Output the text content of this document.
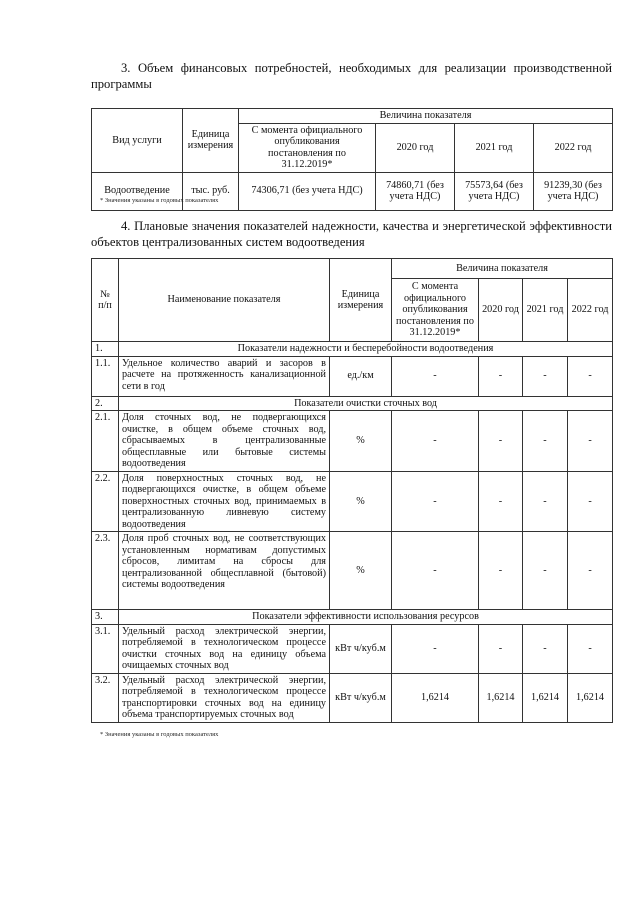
3. Объем финансовых потребностей, необходимых для реализации производственной программы
Вид услуги	Единица измерения	Величина показателя			
		С момента официального опубликования постановления по 31.12.2019*	2020 год	2021 год	2022 год
Водоотведение	тыс. руб.	74306,71 (без учета НДС)	74860,71 (без учета НДС)	75573,64 (без учета НДС)	91239,30 (без учета НДС)
* Значения указаны в годовых показателях
4. Плановые значения показателей надежности, качества и энергетической эффективности объектов централизованных систем водоотведения
№ п/п	Наименование показателя	Единица измерения	Величина показателя			
			С момента официального опубликования постановления по 31.12.2019*	2020 год	2021 год	2022 год
1.	Показатели надежности и бесперебойности водоотведения					
1.1.	Удельное количество аварий и засоров в расчете на протяженность канализационной сети в год	ед./км	-	-	-	-
2.	Показатели очистки сточных вод					
2.1.	Доля сточных вод, не подвергающихся очистке, в общем объеме сточных вод, сбрасываемых в централизованные общесплавные или бытовые системы водоотведения	%	-	-	-	-
2.2.	Доля поверхностных сточных вод, не подвергающихся очистке, в общем объеме поверхностных сточных вод, принимаемых в централизованную ливневую систему водоотведения	%	-	-	-	-
2.3.	Доля проб сточных вод, не соответствующих установленным нормативам допустимых сбросов, лимитам на сбросы для централизованной общесплавной (бытовой) системы водоотведения	%	-	-	-	-
3.	Показатели эффективности использования ресурсов					
3.1.	Удельный расход электрической энергии, потребляемой в технологическом процессе очистки сточных вод на единицу объема очищаемых сточных вод	кВт ч/куб.м	-	-	-	-
3.2.	Удельный расход электрической энергии, потребляемой в технологическом процессе транспортировки сточных вод на единицу объема транспортируемых сточных вод	кВт ч/куб.м	1,6214	1,6214	1,6214	1,6214
* Значения указаны в годовых показателях
